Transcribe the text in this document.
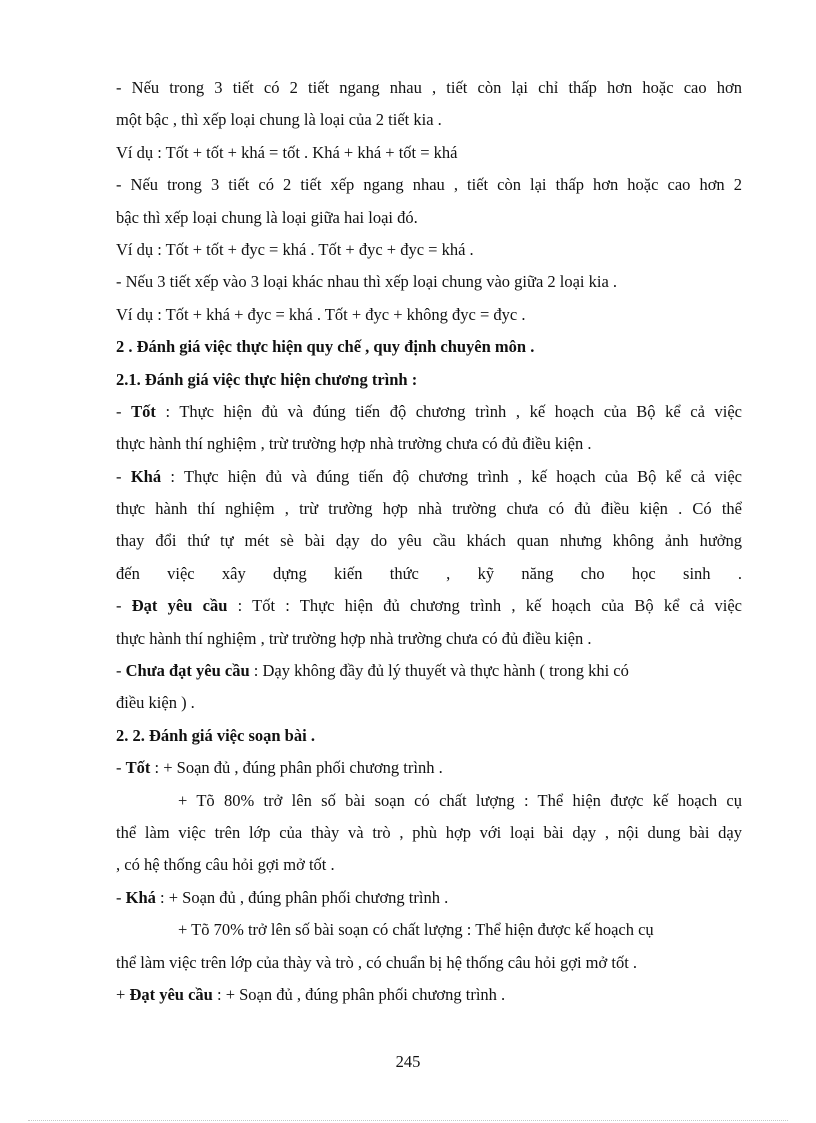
- Nếu trong 3 tiết có 2 tiết ngang nhau , tiết còn lại chỉ thấp hơn hoặc cao hơn
một bậc , thì xếp loại chung là loại của 2 tiết kia .
Ví dụ : Tốt + tốt + khá = tốt . Khá + khá + tốt = khá
- Nếu trong 3 tiết có 2 tiết xếp ngang nhau , tiết còn lại thấp hơn hoặc cao hơn 2
bậc thì xếp loại chung là loại giữa hai loại đó.
Ví dụ : Tốt + tốt + đyc = khá . Tốt + đyc + đyc = khá .
- Nếu 3 tiết xếp vào 3 loại khác nhau thì xếp loại chung vào giữa 2 loại kia .
Ví dụ : Tốt + khá + đyc = khá . Tốt + đyc + không đyc = đyc .
2 . Đánh giá việc thực hiện quy chế , quy định chuyên môn .
2.1. Đánh giá việc thực hiện chương trình :
- Tốt : Thực hiện đủ và đúng tiến độ chương trình , kế hoạch của Bộ kể cả việc
thực hành thí nghiệm , trừ trường hợp nhà trường chưa có đủ điều kiện .
- Khá : Thực hiện đủ và đúng tiến độ chương trình , kế hoạch của Bộ kể cả việc
thực hành thí nghiệm , trừ trường hợp nhà trường chưa có đủ điều kiện . Có thể
thay đổi thứ tự mét sè bài dạy do yêu cầu khách quan nhưng không ảnh hưởng
đến việc xây dựng kiến thức , kỹ năng cho học sinh .
- Đạt yêu cầu : Tốt : Thực hiện đủ chương trình , kế hoạch của Bộ kể cả việc
thực hành thí nghiệm , trừ trường hợp nhà trường chưa có đủ điều kiện .
- Chưa đạt yêu cầu : Dạy không đầy đủ lý thuyết và thực hành ( trong khi có
điều kiện ) .
2. 2. Đánh giá việc soạn bài .
- Tốt : + Soạn đủ , đúng phân phối chương trình .
+ Tõ 80% trở lên số bài soạn có chất lượng : Thể hiện được kế hoạch cụ
thể làm việc trên lớp của thày và trò , phù hợp với loại bài dạy , nội dung bài dạy
, có hệ thống câu hỏi gợi mở tốt .
- Khá : + Soạn đủ , đúng phân phối chương trình .
+ Tõ 70% trở lên số bài soạn có chất lượng : Thể hiện được kế hoạch cụ
thể làm việc trên lớp của thày và trò , có chuẩn bị hệ thống câu hỏi gợi mở tốt .
+ Đạt yêu cầu : + Soạn đủ , đúng phân phối chương trình .
245
